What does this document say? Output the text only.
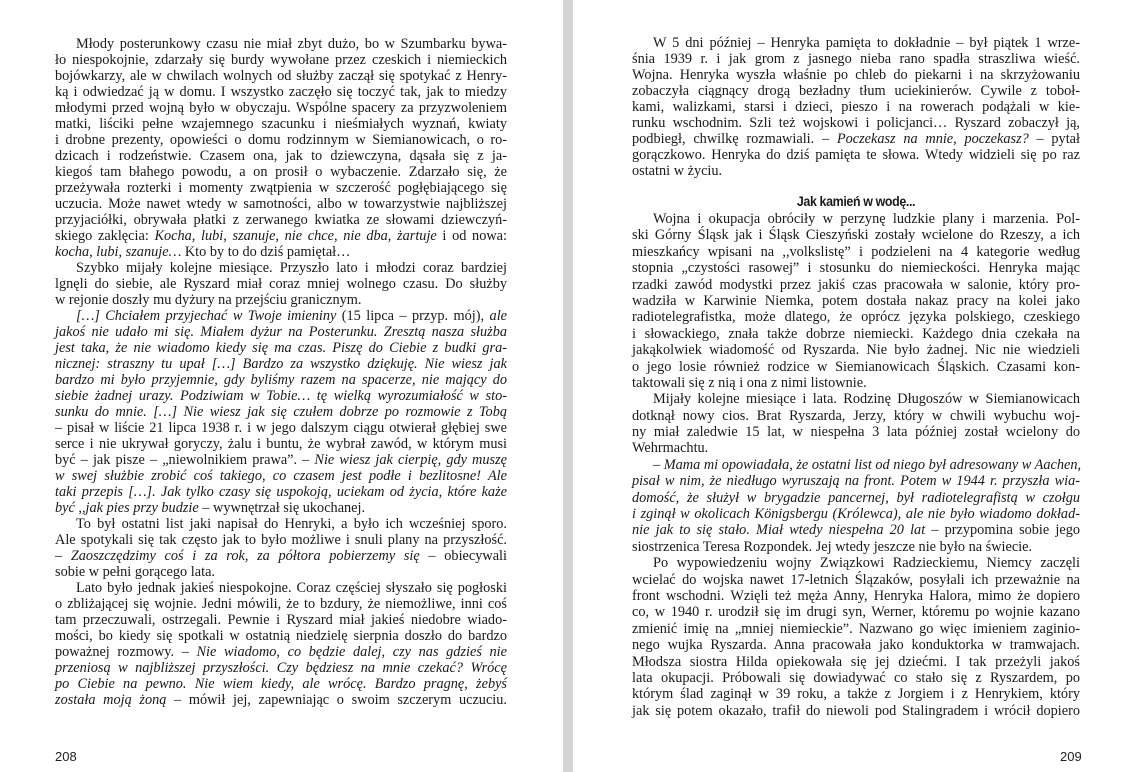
Młody posterunkowy czasu nie miał zbyt dużo, bo w Szumbarku bywa-
ło niespokojnie, zdarzały się burdy wywołane przez czeskich i niemieckich
bojówkarzy, ale w chwilach wolnych od służby zaczął się spotykać z Henry-
ką i odwiedzać ją w domu. I wszystko zaczęło się toczyć tak, jak to miedzy
młodymi przed wojną było w obyczaju. Wspólne spacery za przyzwoleniem
matki, liściki pełne wzajemnego szacunku i nieśmiałych wyznań, kwiaty
i drobne prezenty, opowieści o domu rodzinnym w Siemianowicach, o ro-
dzicach i rodzeństwie. Czasem ona, jak to dziewczyna, dąsała się z ja-
kiegoś tam błahego powodu, a on prosił o wybaczenie. Zdarzało się, że
przeżywała rozterki i momenty zwątpienia w szczerość pogłębiającego się
uczucia. Może nawet wtedy w samotności, albo w towarzystwie najbliższej
przyjaciółki, obrywała płatki z zerwanego kwiatka ze słowami dziewczyń-
skiego zaklęcia: Kocha, lubi, szanuje, nie chce, nie dba, żartuje i od nowa:
kocha, lubi, szanuje… Kto by to do dziś pamiętał…
Szybko mijały kolejne miesiące. Przyszło lato i młodzi coraz bardziej
lgnęli do siebie, ale Ryszard miał coraz mniej wolnego czasu. Do służby
w rejonie doszły mu dyżury na przejściu granicznym.
[…] Chciałem przyjechać w Twoje imieniny (15 lipca – przyp. mój), ale
jakoś nie udało mi się. Miałem dyżur na Posterunku. Zresztą nasza służba
jest taka, że nie wiadomo kiedy się ma czas. Piszę do Ciebie z budki gra-
nicznej: straszny tu upał […] Bardzo za wszystko dziękuję. Nie wiesz jak
bardzo mi było przyjemnie, gdy byliśmy razem na spacerze, nie mający do
siebie żadnej urazy. Podziwiam w Tobie… tę wielką wyrozumiałość w sto-
sunku do mnie. […] Nie wiesz jak się czułem dobrze po rozmowie z Tobą
– pisał w liście 21 lipca 1938 r. i w jego dalszym ciągu otwierał głębiej swe
serce i nie ukrywał goryczy, żalu i buntu, że wybrał zawód, w którym musi
być – jak pisze – „niewolnikiem prawa”. – Nie wiesz jak cierpię, gdy muszę
w swej służbie zrobić coś takiego, co czasem jest podłe i bezlitosne! Ale
taki przepis […]. Jak tylko czasy się uspokoją, uciekam od życia, które każe
być ,,jak pies przy budzie – wywnętrzał się ukochanej.
To był ostatni list jaki napisał do Henryki, a było ich wcześniej sporo.
Ale spotykali się tak często jak to było możliwe i snuli plany na przyszłość.
– Zaoszczędzimy coś i za rok, za półtora pobierzemy się – obiecywali
sobie w pełni gorącego lata.
Lato było jednak jakieś niespokojne. Coraz częściej słyszało się pogłoski
o zbliżającej się wojnie. Jedni mówili, że to bzdury, że niemożliwe, inni coś
tam przeczuwali, ostrzegali. Pewnie i Ryszard miał jakieś niedobre wiado-
mości, bo kiedy się spotkali w ostatnią niedzielę sierpnia doszło do bardzo
poważnej rozmowy. – Nie wiadomo, co będzie dalej, czy nas gdzieś nie
przeniosą w najbliższej przyszłości. Czy będziesz na mnie czekać? Wrócę
po Ciebie na pewno. Nie wiem kiedy, ale wrócę. Bardzo pragnę, żebyś
została moją żoną – mówił jej, zapewniając o swoim szczerym uczuciu.
208
W 5 dni później – Henryka pamięta to dokładnie – był piątek 1 wrze-
śnia 1939 r. i jak grom z jasnego nieba rano spadła straszliwa wieść.
Wojna. Henryka wyszła właśnie po chleb do piekarni i na skrzyżowaniu
zobaczyła ciągnący drogą bezładny tłum uciekinierów. Cywile z toboł-
kami, walizkami, starsi i dzieci, pieszo i na rowerach podążali w kie-
runku wschodnim. Szli też wojskowi i policjanci… Ryszard zobaczył ją,
podbiegł, chwilkę rozmawiali. – Poczekasz na mnie, poczekasz? – pytał
gorączkowo. Henryka do dziś pamięta te słowa. Wtedy widzieli się po raz
ostatni w życiu.
Jak kamień w wodę...
Wojna i okupacja obróciły w perzynę ludzkie plany i marzenia. Pol-
ski Górny Śląsk jak i Śląsk Cieszyński zostały wcielone do Rzeszy, a ich
mieszkańcy wpisani na ,,volkslistę” i podzieleni na 4 kategorie według
stopnia „czystości rasowej” i stosunku do niemieckości. Henryka mając
rzadki zawód modystki przez jakiś czas pracowała w salonie, który pro-
wadziła w Karwinie Niemka, potem dostała nakaz pracy na kolei jako
radiotelegrafistka, może dlatego, że oprócz języka polskiego, czeskiego
i słowackiego, znała także dobrze niemiecki. Każdego dnia czekała na
jakąkolwiek wiadomość od Ryszarda. Nie było żadnej. Nic nie wiedzieli
o jego losie również rodzice w Siemianowicach Śląskich. Czasami kon-
taktowali się z nią i ona z nimi listownie.
Mijały kolejne miesiące i lata. Rodzinę Długoszów w Siemianowicach
dotknął nowy cios. Brat Ryszarda, Jerzy, który w chwili wybuchu woj-
ny miał zaledwie 15 lat, w niespełna 3 lata później został wcielony do
Wehrmachtu.
– Mama mi opowiadała, że ostatni list od niego był adresowany w Aachen,
pisał w nim, że niedługo wyruszają na front. Potem w 1944 r. przyszła wia-
domość, że służył w brygadzie pancernej, był radiotelegrafistą w czołgu
i zginął w okolicach Königsbergu (Królewca), ale nie było wiadomo dokład-
nie jak to się stało. Miał wtedy niespełna 20 lat – przypomina sobie jego
siostrzenica Teresa Rozpondek. Jej wtedy jeszcze nie było na świecie.
Po wypowiedzeniu wojny Związkowi Radzieckiemu, Niemcy zaczęli
wcielać do wojska nawet 17-letnich Ślązaków, posyłali ich przeważnie na
front wschodni. Wzięli też męża Anny, Henryka Halora, mimo że dopiero
co, w 1940 r. urodził się im drugi syn, Werner, któremu po wojnie kazano
zmienić imię na „mniej niemieckie”. Nazwano go więc imieniem zaginio-
nego wujka Ryszarda. Anna pracowała jako konduktorka w tramwajach.
Młodsza siostra Hilda opiekowała się jej dziećmi. I tak przeżyli jakoś
lata okupacji. Próbowali się dowiadywać co stało się z Ryszardem, po
którym ślad zaginął w 39 roku, a także z Jorgiem i z Henrykiem, który
jak się potem okazało, trafił do niewoli pod Stalingradem i wrócił dopiero
209
